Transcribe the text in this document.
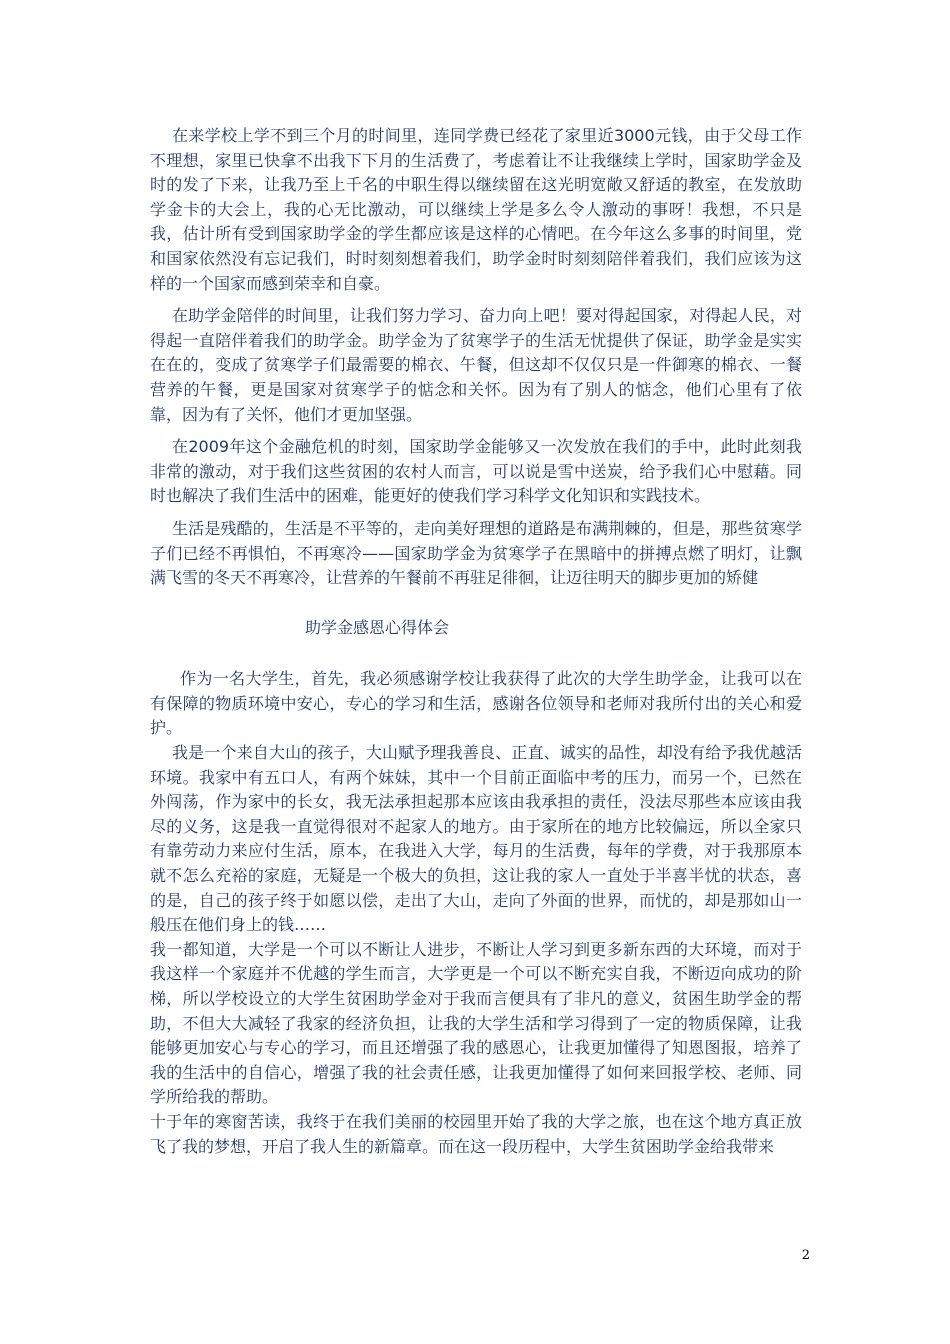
在来学校上学不到三个月的时间里，连同学费已经花了家里近3000元钱，由于父母工作不理想，家里已快拿不出我下下月的生活费了，考虑着让不让我继续上学时，国家助学金及时的发了下来，让我乃至上千名的中职生得以继续留在这光明宽敞又舒适的教室，在发放助学金卡的大会上，我的心无比激动，可以继续上学是多么令人激动的事呀！我想，不只是我，估计所有受到国家助学金的学生都应该是这样的心情吧。在今年这么多事的时间里，党和国家依然没有忘记我们，时时刻刻想着我们，助学金时时刻刻陪伴着我们，我们应该为这样的一个国家而感到荣幸和自豪。

在助学金陪伴的时间里，让我们努力学习、奋力向上吧！要对得起国家，对得起人民，对得起一直陪伴着我们的助学金。助学金为了贫寒学子的生活无忧提供了保证，助学金是实实在在的，变成了贫寒学子们最需要的棉衣、午餐，但这却不仅仅只是一件御寒的棉衣、一餐营养的午餐，更是国家对贫寒学子的惦念和关怀。因为有了别人的惦念，他们心里有了依靠，因为有了关怀，他们才更加坚强。

在2009年这个金融危机的时刻，国家助学金能够又一次发放在我们的手中，此时此刻我非常的激动，对于我们这些贫困的农村人而言，可以说是雪中送炭，给予我们心中慰藉。同时也解决了我们生活中的困难，能更好的使我们学习科学文化知识和实践技术。

生活是残酷的，生活是不平等的，走向美好理想的道路是布满荆棘的，但是，那些贫寒学子们已经不再惧怕，不再寒冷——国家助学金为贫寒学子在黑暗中的拼搏点燃了明灯，让飘满飞雪的冬天不再寒冷，让营养的午餐前不再驻足徘徊，让迈往明天的脚步更加的矫健

助学金感恩心得体会

作为一名大学生，首先，我必须感谢学校让我获得了此次的大学生助学金，让我可以在有保障的物质环境中安心，专心的学习和生活，感谢各位领导和老师对我所付出的关心和爱护。

我是一个来自大山的孩子，大山赋予理我善良、正直、诚实的品性，却没有给予我优越活环境。我家中有五口人，有两个妹妹，其中一个目前正面临中考的压力，而另一个，已然在外闯荡，作为家中的长女，我无法承担起那本应该由我承担的责任，没法尽那些本应该由我尽的义务，这是我一直觉得很对不起家人的地方。由于家所在的地方比较偏远，所以全家只有靠劳动力来应付生活，原本，在我进入大学，每月的生活费，每年的学费，对于我那原本就不怎么充裕的家庭，无疑是一个极大的负担，这让我的家人一直处于半喜半忧的状态，喜的是，自己的孩子终于如愿以偿，走出了大山，走向了外面的世界，而忧的，却是那如山一般压在他们身上的钱……

我一都知道，大学是一个可以不断让人进步，不断让人学习到更多新东西的大环境，而对于我这样一个家庭并不优越的学生而言，大学更是一个可以不断充实自我，不断迈向成功的阶梯，所以学校设立的大学生贫困助学金对于我而言便具有了非凡的意义，贫困生助学金的帮助，不但大大减轻了我家的经济负担，让我的大学生活和学习得到了一定的物质保障，让我能够更加安心与专心的学习，而且还增强了我的感恩心，让我更加懂得了知恩图报，培养了我的生活中的自信心，增强了我的社会责任感，让我更加懂得了如何来回报学校、老师、同学所给我的帮助。

十于年的寒窗苦读，我终于在我们美丽的校园里开始了我的大学之旅，也在这个地方真正放飞了我的梦想，开启了我人生的新篇章。而在这一段历程中，大学生贫困助学金给我带来

2
